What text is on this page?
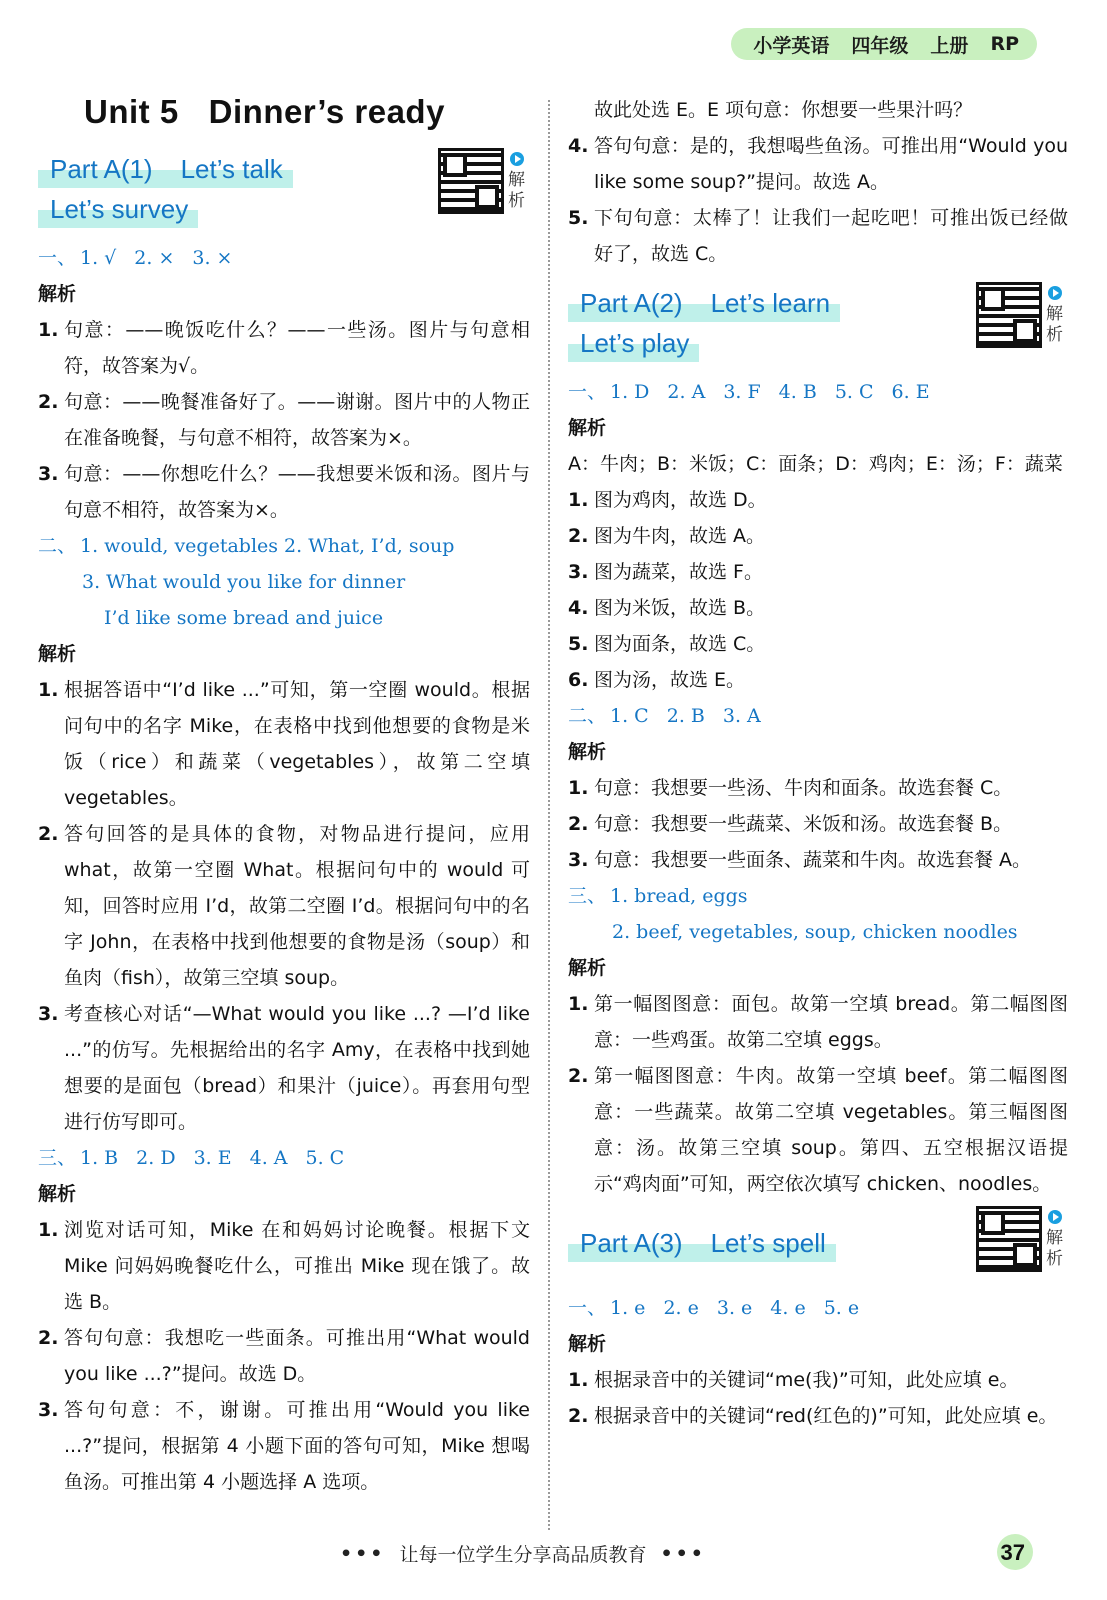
小学英语 四年级 上册 RP
Unit 5 Dinner’s ready
Part A(1) Let’s talk
Let’s survey
解析

一、 1. √ 2. × 3. ×

解析

1. 句意：——晚饭吃什么？——一些汤。图片与句意相符，故答案为√。
2. 句意：——晚餐准备好了。——谢谢。图片中的人物正在准备晚餐，与句意不相符，故答案为×。
3. 句意：——你想吃什么？——我想要米饭和汤。图片与句意不相符，故答案为×。

二、 1. would, vegetables 2. What, I’d, soup

3. What would you like for dinner

I’d like some bread and juice

解析

1. 根据答语中“I’d like ...”可知，第一空圈 would。根据问句中的名字 Mike，在表格中找到他想要的食物是米饭（rice）和蔬菜（vegetables），故第二空填 vegetables。
2. 答句回答的是具体的食物，对物品进行提问，应用 what，故第一空圈 What。根据问句中的 would 可知，回答时应用 I’d，故第二空圈 I’d。根据问句中的名字 John，在表格中找到他想要的食物是汤（soup）和鱼肉（fish），故第三空填 soup。
3. 考查核心对话“—What would you like ...? —I’d like ...”的仿写。先根据给出的名字 Amy，在表格中找到她想要的是面包（bread）和果汁（juice）。再套用句型进行仿写即可。

三、 1. B 2. D 3. E 4. A 5. C

解析

1. 浏览对话可知，Mike 在和妈妈讨论晚餐。根据下文 Mike 问妈妈晚餐吃什么，可推出 Mike 现在饿了。故选 B。
2. 答句句意：我想吃一些面条。可推出用“What would you like ...?”提问。故选 D。
3. 答句句意：不，谢谢。可推出用“Would you like ...?”提问，根据第 4 小题下面的答句可知，Mike 想喝鱼汤。可推出第 4 小题选择 A 选项。

故此处选 E。E 项句意：你想要一些果汁吗？

4. 答句句意：是的，我想喝些鱼汤。可推出用“Would you like some soup?”提问。故选 A。
5. 下句句意：太棒了！让我们一起吃吧！可推出饭已经做好了，故选 C。
Part A(2) Let’s learn
Let’s play
解析

一、 1. D 2. A 3. F 4. B 5. C 6. E

解析

A：牛肉；B：米饭；C：面条；D：鸡肉；E：汤；F：蔬菜

1. 图为鸡肉，故选 D。
2. 图为牛肉，故选 A。
3. 图为蔬菜，故选 F。
4. 图为米饭，故选 B。
5. 图为面条，故选 C。
6. 图为汤，故选 E。

二、 1. C 2. B 3. A

解析

1. 句意：我想要一些汤、牛肉和面条。故选套餐 C。
2. 句意：我想要一些蔬菜、米饭和汤。故选套餐 B。
3. 句意：我想要一些面条、蔬菜和牛肉。故选套餐 A。

三、 1. bread, eggs

2. beef, vegetables, soup, chicken noodles

解析

1. 第一幅图图意：面包。故第一空填 bread。第二幅图图意：一些鸡蛋。故第二空填 eggs。
2. 第一幅图图意：牛肉。故第一空填 beef。第二幅图图意：一些蔬菜。故第二空填 vegetables。第三幅图图意：汤。故第三空填 soup。第四、五空根据汉语提示“鸡肉面”可知，两空依次填写 chicken、noodles。
Part A(3) Let’s spell	解析

一、 1. e 2. e 3. e 4. e 5. e

解析

1. 根据录音中的关键词“me(我)”可知，此处应填 e。
2. 根据录音中的关键词“red(红色的)”可知，此处应填 e。
••• 让每一位学生分享高品质教育 •••	37
